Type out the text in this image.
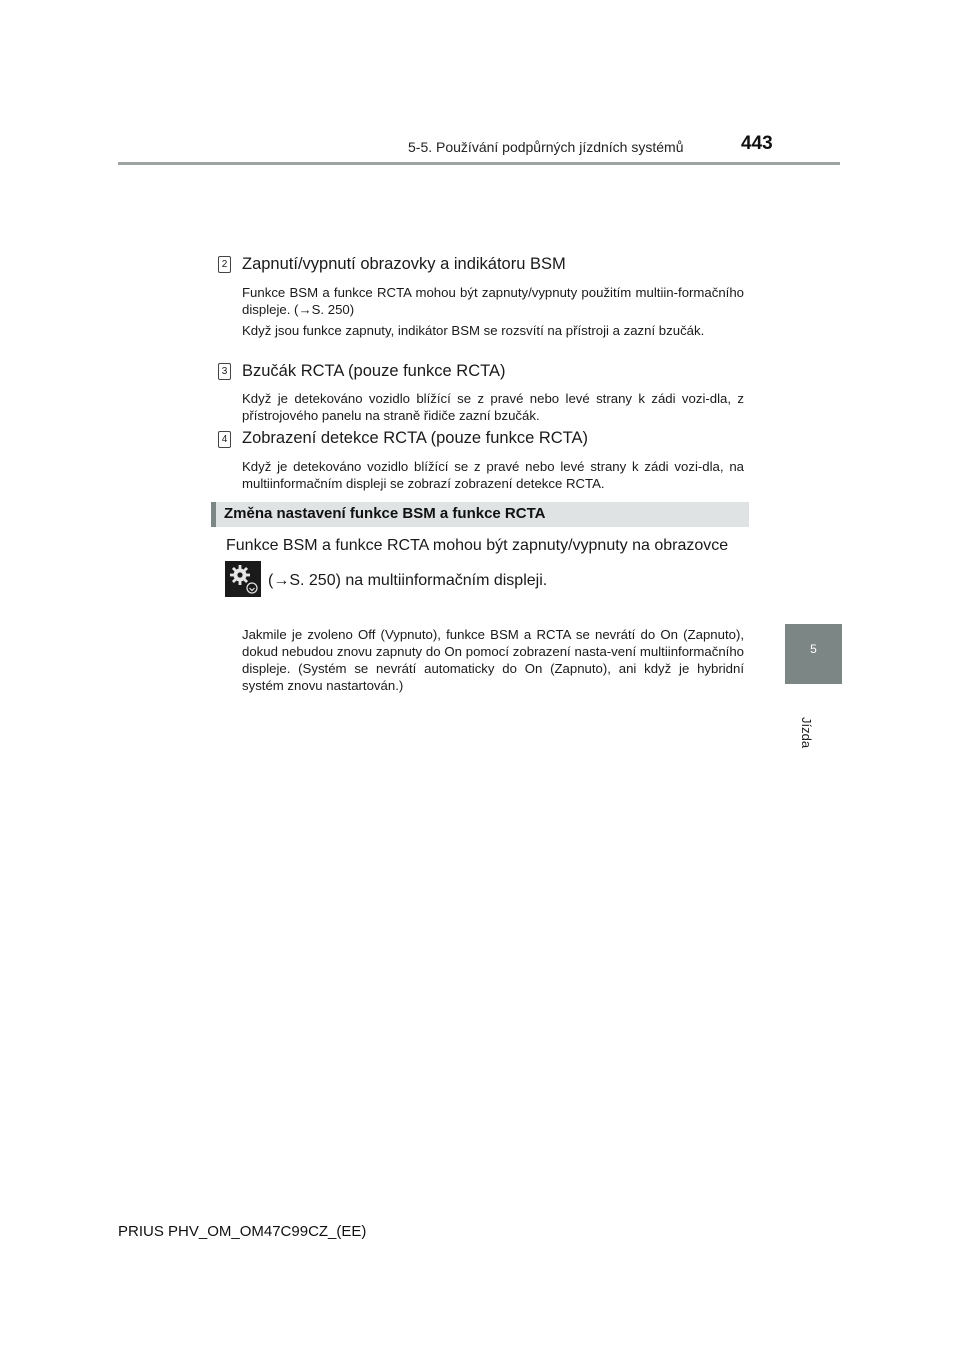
5-5. Používání podpůrných jízdních systémů	443
5
Jízda
2 Zapnutí/vypnutí obrazovky a indikátoru BSM

Funkce BSM a funkce RCTA mohou být zapnuty/vypnuty použitím multiin-formačního displeje. (→S. 250)

Když jsou funkce zapnuty, indikátor BSM se rozsvítí na přístroji a zazní bzučák.

3 Bzučák RCTA (pouze funkce RCTA)

Když je detekováno vozidlo blížící se z pravé nebo levé strany k zádi vozi-dla, z přístrojového panelu na straně řidiče zazní bzučák.

4 Zobrazení detekce RCTA (pouze funkce RCTA)

Když je detekováno vozidlo blížící se z pravé nebo levé strany k zádi vozi-dla, na multiinformačním displeji se zobrazí zobrazení detekce RCTA.

Změna nastavení funkce BSM a funkce RCTA
Funkce BSM a funkce RCTA mohou být zapnuty/vypnuty na obrazovce
(→S. 250) na multiinformačním displeji.

Jakmile je zvoleno Off (Vypnuto), funkce BSM a RCTA se nevrátí do On (Zapnuto), dokud nebudou znovu zapnuty do On pomocí zobrazení nasta-vení multiinformačního displeje. (Systém se nevrátí automaticky do On (Zapnuto), ani když je hybridní systém znovu nastartován.)

PRIUS PHV_OM_OM47C99CZ_(EE)
